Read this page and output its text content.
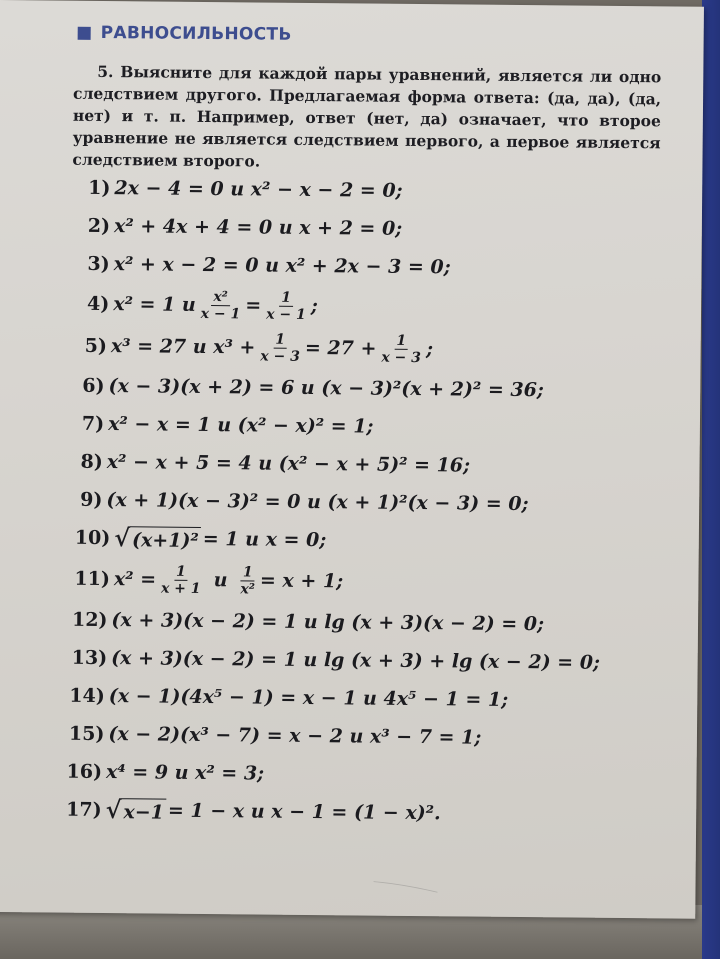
РАВНОСИЛЬНОСТЬ
5. Выясните для каждой пары уравнений, является ли одно следствием другого. Предлагаемая форма ответа: (да, да), (да, нет) и т. п. Например, ответ (нет, да) означает, что второе уравнение не является следствием первого, а первое является следствием второго.
1) 2x − 4 = 0 и x² − x − 2 = 0;
2) x² + 4x + 4 = 0 и x + 2 = 0;
3) x² + x − 2 = 0 и x² + 2x − 3 = 0;
4) x² = 1 и $\frac{\text{x²}}{x - 1} = \frac{1}{x - 1}$ ;
5) x³ = 27 и $x^3 + \frac{1}{x - 3} = 27 + \frac{1}{x - 3}$ ;
6) (x − 3)(x + 2) = 6 и (x − 3)²(x + 2)² = 36;
7) x² − x = 1 и (x² − x)² = 1;
8) x² − x + 5 = 4 и (x² − x + 5)² = 16;
9) (x + 1)(x − 3)² = 0 и (x + 1)²(x − 3) = 0;
10) √ (x+1)² = 1 и x = 0;
11) $x^2 = \frac{1}{x + 1}$ и $\frac{1}{\text{x²}} = x + 1$;
12) (x + 3)(x − 2) = 1 и lg (x + 3)(x − 2) = 0;
13) (x + 3)(x − 2) = 1 и lg (x + 3) + lg (x − 2) = 0;
14) (x − 1)(4x⁵ − 1) = x − 1 и 4x⁵ − 1 = 1;
15) (x − 2)(x³ − 7) = x − 2 и x³ − 7 = 1;
16) x⁴ = 9 и x² = 3;
17) √ x−1 = 1 − x и x − 1 = (1 − x)².
